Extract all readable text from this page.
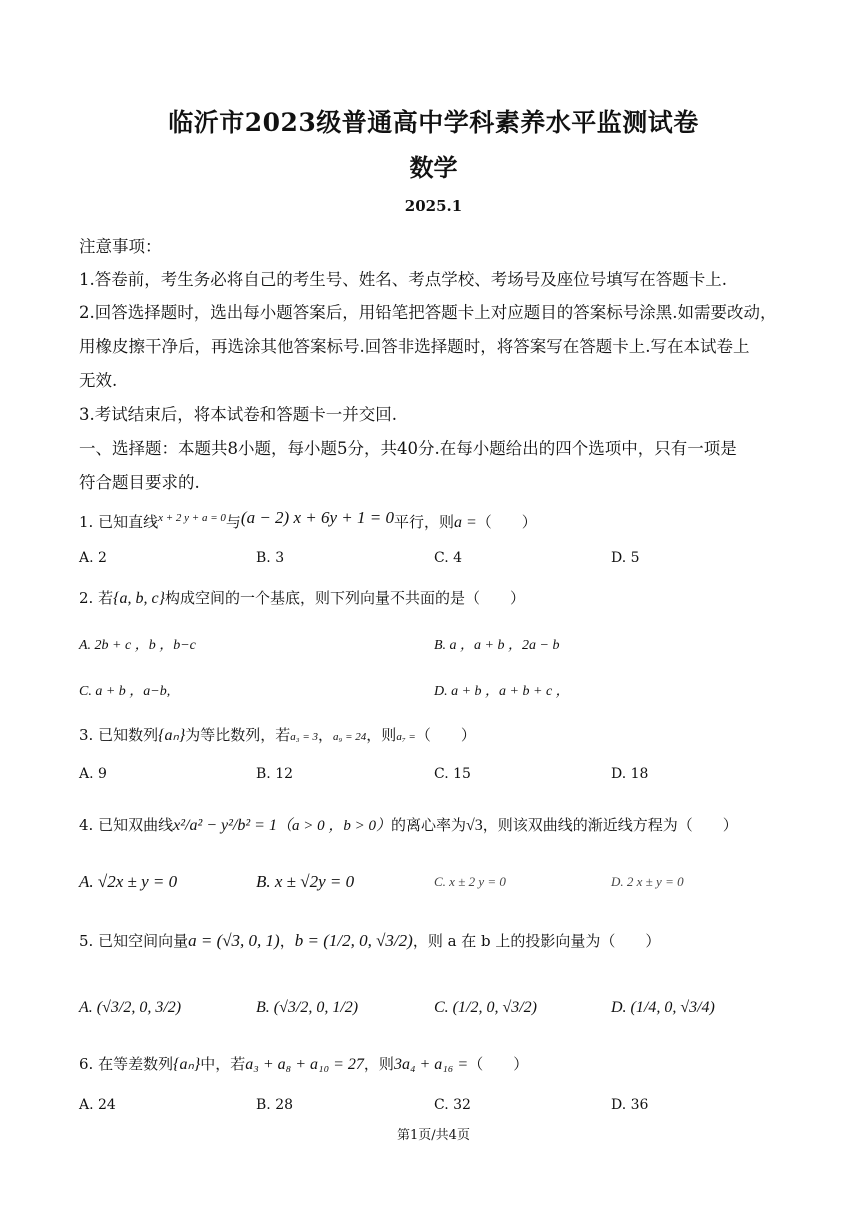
临沂市2023级普通高中学科素养水平监测试卷
数学
2025.1
注意事项：
1.答卷前，考生务必将自己的考生号、姓名、考点学校、考场号及座位号填写在答题卡上.
2.回答选择题时，选出每小题答案后，用铅笔把答题卡上对应题目的答案标号涂黑.如需要改动，
用橡皮擦干净后，再选涂其他答案标号.回答非选择题时，将答案写在答题卡上.写在本试卷上
无效.
3.考试结束后，将本试卷和答题卡一并交回.
一、选择题：本题共8小题，每小题5分，共40分.在每小题给出的四个选项中，只有一项是
符合题目要求的.
1. 已知直线$^{x + 2 y + a = 0}$与(a − 2) x + 6y + 1 = 0平行，则a =（　　）
A. 2	B. 3	C. 4	D. 5
2. 若{a, b, c}构成空间的一个基底，则下列向量不共面的是（　　）
A. 2b + c ，b ，b−c	B. a ，a + b ，2a − b
C. a + b ，a−b,	D. a + b ，a + b + c ，
3. 已知数列{aₙ}为等比数列，若a₃ = 3，a₉ = 24，则a₇ =（　　）
A. 9	B. 12	C. 15	D. 18
4. 已知双曲线x²/a² − y²/b² = 1（a > 0 ，b > 0）的离心率为√3，则该双曲线的渐近线方程为（　　）
A. √2x ± y = 0	B. x ± √2y = 0	C. x ± 2 y = 0	D. 2 x ± y = 0
5. 已知空间向量a = (√3, 0, 1)，b = (1/2, 0, √3/2)，则 a 在 b 上的投影向量为（　　）
A. (√3/2, 0, 3/2)	B. (√3/2, 0, 1/2)	C. (1/2, 0, √3/2)	D. (1/4, 0, √3/4)
6. 在等差数列{aₙ}中，若a₃ + a₈ + a₁₀ = 27，则3a₄ + a₁₆ =（　　）
A. 24	B. 28	C. 32	D. 36
第1页/共4页
